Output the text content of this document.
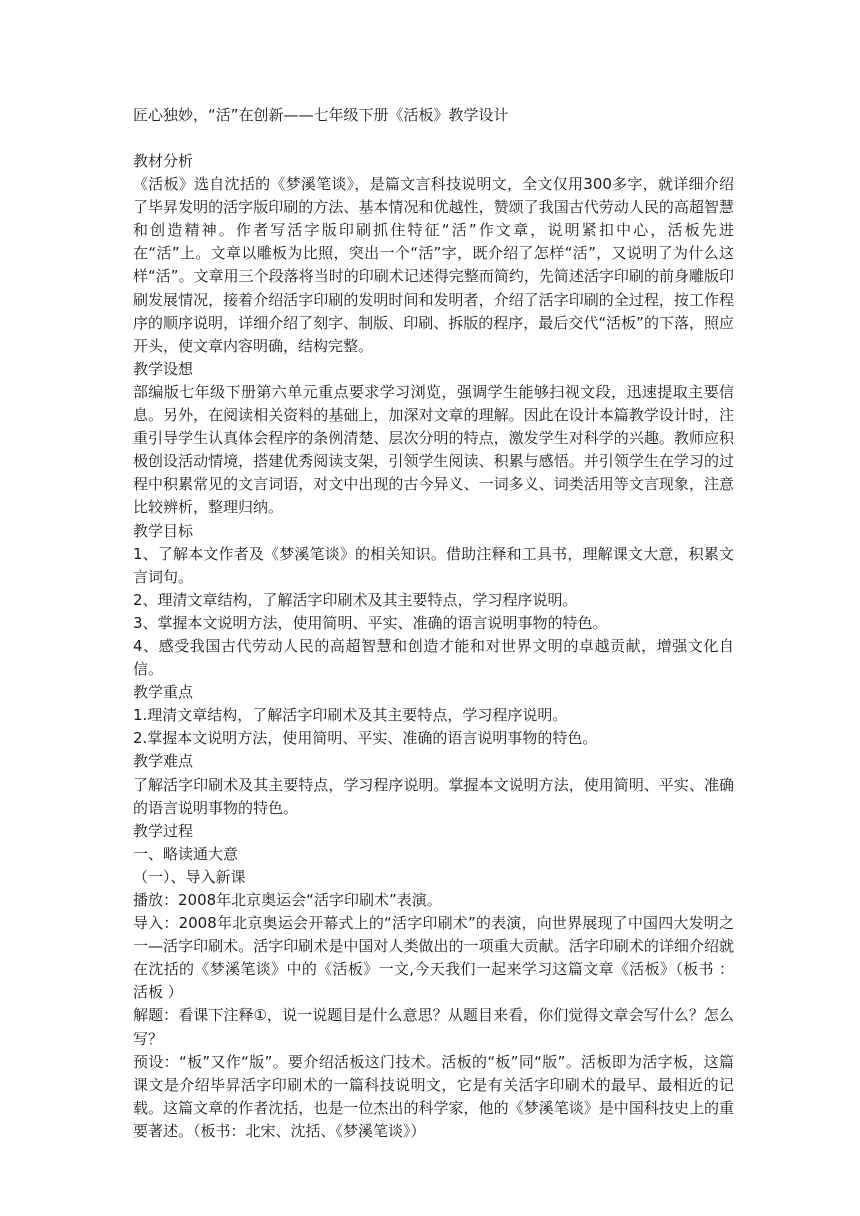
匠心独妙，“活”在创新——七年级下册《活板》教学设计

教材分析

《活板》选自沈括的《梦溪笔谈》，是篇文言科技说明文，全文仅用300多字，就详细介绍了毕昇发明的活字版印刷的方法、基本情况和优越性，赞颂了我国古代劳动人民的高超智慧和创造精神。作者写活字版印刷抓住特征“活”作文章，说明紧扣中心，活板先进在“活”上。文章以雕板为比照，突出一个“活”字，既介绍了怎样“活”，又说明了为什么这样“活”。文章用三个段落将当时的印刷术记述得完整而简约，先简述活字印刷的前身雕版印刷发展情况，接着介绍活字印刷的发明时间和发明者，介绍了活字印刷的全过程，按工作程序的顺序说明，详细介绍了刻字、制版、印刷、拆版的程序，最后交代“活板”的下落，照应开头，使文章内容明确，结构完整。

教学设想

部编版七年级下册第六单元重点要求学习浏览，强调学生能够扫视文段，迅速提取主要信息。另外，在阅读相关资料的基础上，加深对文章的理解。因此在设计本篇教学设计时，注重引导学生认真体会程序的条例清楚、层次分明的特点，激发学生对科学的兴趣。教师应积极创设活动情境，搭建优秀阅读支架，引领学生阅读、积累与感悟。并引领学生在学习的过程中积累常见的文言词语，对文中出现的古今异义、一词多义、词类活用等文言现象，注意比较辨析，整理归纳。

教学目标

1、了解本文作者及《梦溪笔谈》的相关知识。借助注释和工具书，理解课文大意，积累文言词句。

2、理清文章结构，了解活字印刷术及其主要特点，学习程序说明。

3、掌握本文说明方法，使用简明、平实、准确的语言说明事物的特色。

4、感受我国古代劳动人民的高超智慧和创造才能和对世界文明的卓越贡献，增强文化自信。

教学重点

1.理清文章结构，了解活字印刷术及其主要特点，学习程序说明。

2.掌握本文说明方法，使用简明、平实、准确的语言说明事物的特色。

教学难点

了解活字印刷术及其主要特点，学习程序说明。掌握本文说明方法，使用简明、平实、准确的语言说明事物的特色。

教学过程

一、略读通大意

（一）、导入新课

播放：2008年北京奥运会“活字印刷术”表演。

导入：2008年北京奥运会开幕式上的“活字印刷术”的表演，向世界展现了中国四大发明之一—活字印刷术。活字印刷术是中国对人类做出的一项重大贡献。活字印刷术的详细介绍就在沈括的《梦溪笔谈》中的《活板》一文,今天我们一起来学习这篇文章《活板》（板书 ：活板 ）

解题：看课下注释①，说一说题目是什么意思？从题目来看，你们觉得文章会写什么？怎么写？

预设：“板”又作“版”。要介绍活板这门技术。活板的“板”同“版”。活板即为活字板，这篇课文是介绍毕昇活字印刷术的一篇科技说明文，它是有关活字印刷术的最早、最相近的记载。这篇文章的作者沈括，也是一位杰出的科学家，他的《梦溪笔谈》是中国科技史上的重要著述。（板书：北宋、沈括、《梦溪笔谈》）
